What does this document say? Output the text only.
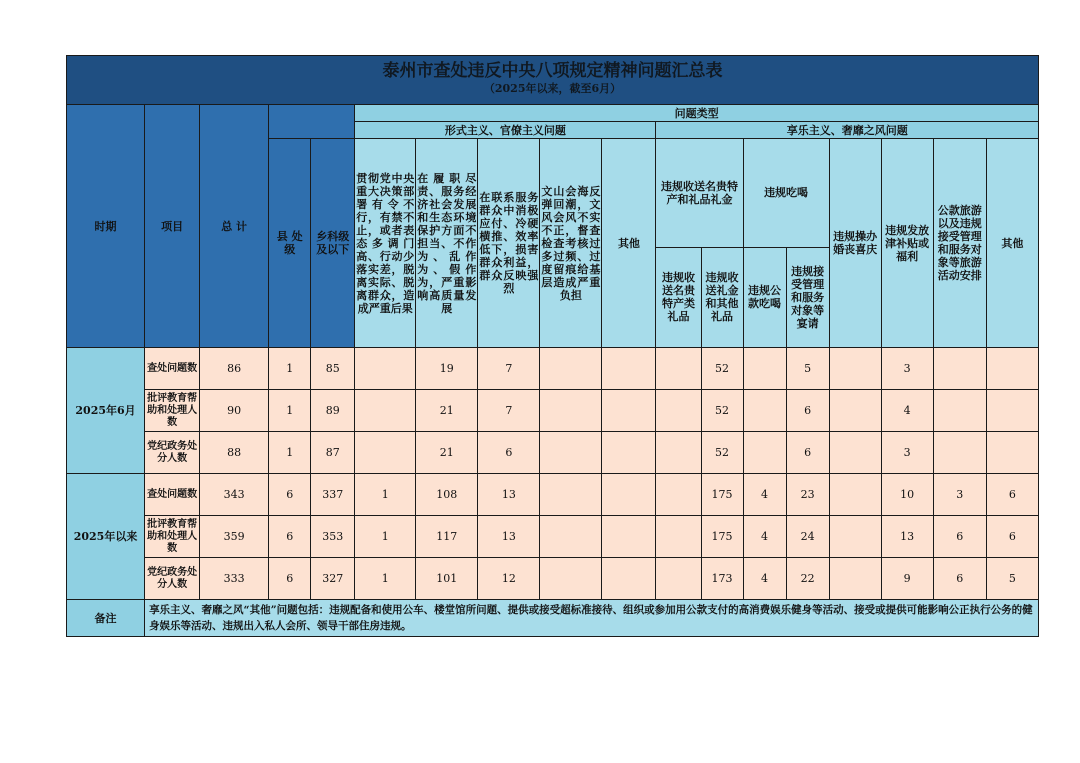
泰州市查处违反中央八项规定精神问题汇总表
（2025年以来，截至6月）
时期	项目	总 计			问题类型												
					形式主义、官僚主义问题					享乐主义、奢靡之风问题							
			县 处 级	乡科级及以下	贯彻党中央重大决策部署有令不行，有禁不止，或者表态多调门高、行动少落实差，脱离实际、脱离群众，造成严重后果	在履职尽责、服务经济社会发展和生态环境保护方面不担当、不作为、乱作为、假作为，严重影响高质量发展	在联系服务群众中消极应付、冷硬横推、效率低下，损害群众利益，群众反映强烈	文山会海反弹回潮，文风会风不实不正，督查检查考核过多过频、过度留痕给基层造成严重负担	其他	违规收送名贵特产和礼品礼金		违规吃喝		违规操办婚丧喜庆	违规发放津补贴或福利	公款旅游以及违规接受管理和服务对象等旅游活动安排	其他
										违规收送名贵特产类礼品	违规收送礼金和其他礼品	违规公款吃喝	违规接受管理和服务对象等宴请				
2025年6月	查处问题数	86	1	85		19	7				52		5		3		
	批评教育帮助和处理人数	90	1	89		21	7				52		6		4		
	党纪政务处分人数	88	1	87		21	6				52		6		3		
2025年以来	查处问题数	343	6	337	1	108	13				175	4	23		10	3	6
	批评教育帮助和处理人数	359	6	353	1	117	13				175	4	24		13	6	6
	党纪政务处分人数	333	6	327	1	101	12				173	4	22		9	6	5
备注	享乐主义、奢靡之风“其他”问题包括：违规配备和使用公车、楼堂馆所问题、提供或接受超标准接待、组织或参加用公款支付的高消费娱乐健身等活动、接受或提供可能影响公正执行公务的健身娱乐等活动、违规出入私人会所、领导干部住房违规。																
